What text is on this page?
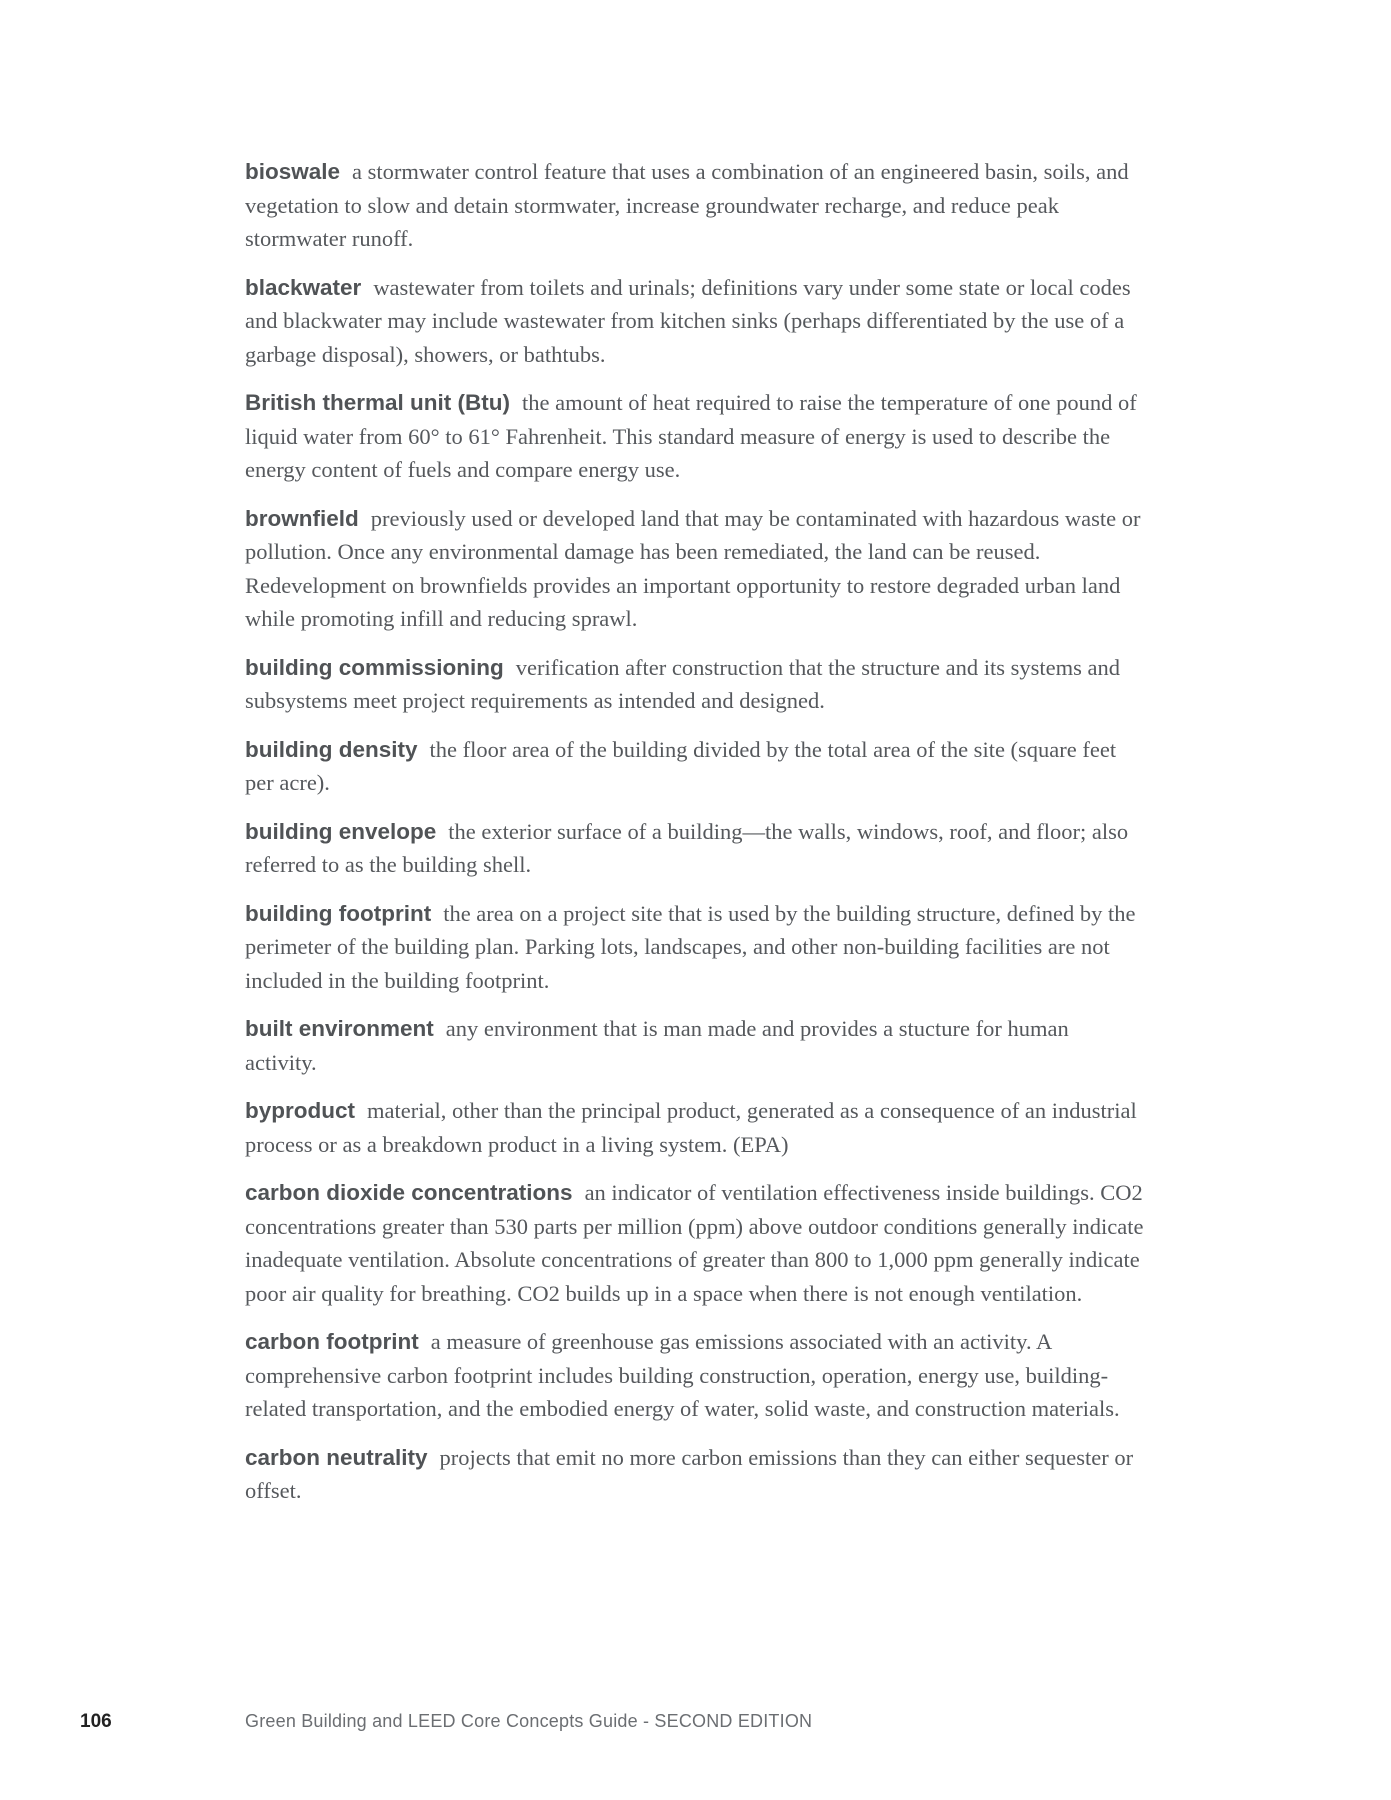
bioswale a stormwater control feature that uses a combination of an engineered basin, soils, and vegetation to slow and detain stormwater, increase groundwater recharge, and reduce peak stormwater runoff.

blackwater wastewater from toilets and urinals; definitions vary under some state or local codes and blackwater may include wastewater from kitchen sinks (perhaps differentiated by the use of a garbage disposal), showers, or bathtubs.

British thermal unit (Btu) the amount of heat required to raise the temperature of one pound of liquid water from 60° to 61° Fahrenheit. This standard measure of energy is used to describe the energy content of fuels and compare energy use.

brownfield previously used or developed land that may be contaminated with hazardous waste or pollution. Once any environmental damage has been remediated, the land can be reused. Redevelopment on brownfields provides an important opportunity to restore degraded urban land while promoting infill and reducing sprawl.

building commissioning verification after construction that the structure and its systems and subsystems meet project requirements as intended and designed.

building density the floor area of the building divided by the total area of the site (square feet per acre).

building envelope the exterior surface of a building—the walls, windows, roof, and floor; also referred to as the building shell.

building footprint the area on a project site that is used by the building structure, defined by the perimeter of the building plan. Parking lots, landscapes, and other non-building facilities are not included in the building footprint.

built environment any environment that is man made and provides a stucture for human activity.

byproduct material, other than the principal product, generated as a consequence of an industrial process or as a breakdown product in a living system. (EPA)

carbon dioxide concentrations an indicator of ventilation effectiveness inside buildings. CO2 concentrations greater than 530 parts per million (ppm) above outdoor conditions generally indicate inadequate ventilation. Absolute concentrations of greater than 800 to 1,000 ppm generally indicate poor air quality for breathing. CO2 builds up in a space when there is not enough ventilation.

carbon footprint a measure of greenhouse gas emissions associated with an activity. A comprehensive carbon footprint includes building construction, operation, energy use, building-related transportation, and the embodied energy of water, solid waste, and construction materials.

carbon neutrality projects that emit no more carbon emissions than they can either sequester or offset.

106	Green Building and LEED Core Concepts Guide - SECOND EDITION
